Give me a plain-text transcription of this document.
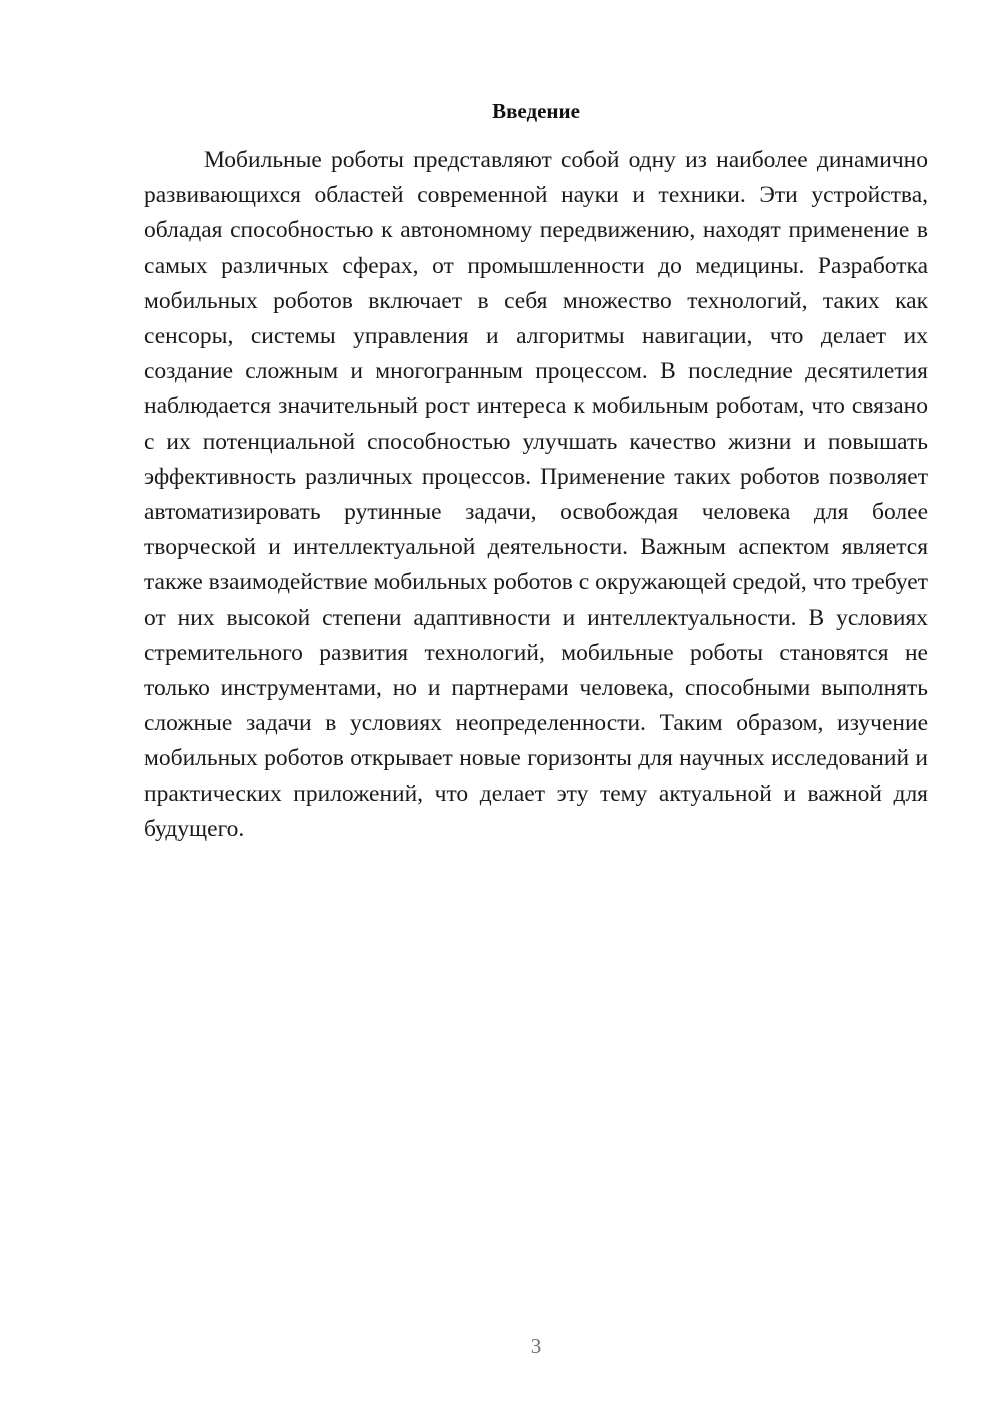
Введение

Мобильные роботы представляют собой одну из наиболее динамично развивающихся областей современной науки и техники. Эти устройства, обладая способностью к автономному передвижению, находят применение в самых различных сферах, от промышленности до медицины. Разработка мобильных роботов включает в себя множество технологий, таких как сенсоры, системы управления и алгоритмы навигации, что делает их создание сложным и многогранным процессом. В последние десятилетия наблюдается значительный рост интереса к мобильным роботам, что связано с их потенциальной способностью улучшать качество жизни и повышать эффективность различных процессов. Применение таких роботов позволяет автоматизировать рутинные задачи, освобождая человека для более творческой и интеллектуальной деятельности. Важным аспектом является также взаимодействие мобильных роботов с окружающей средой, что требует от них высокой степени адаптивности и интеллектуальности. В условиях стремительного развития технологий, мобильные роботы становятся не только инструментами, но и партнерами человека, способными выполнять сложные задачи в условиях неопределенности. Таким образом, изучение мобильных роботов открывает новые горизонты для научных исследований и практических приложений, что делает эту тему актуальной и важной для будущего.

3
